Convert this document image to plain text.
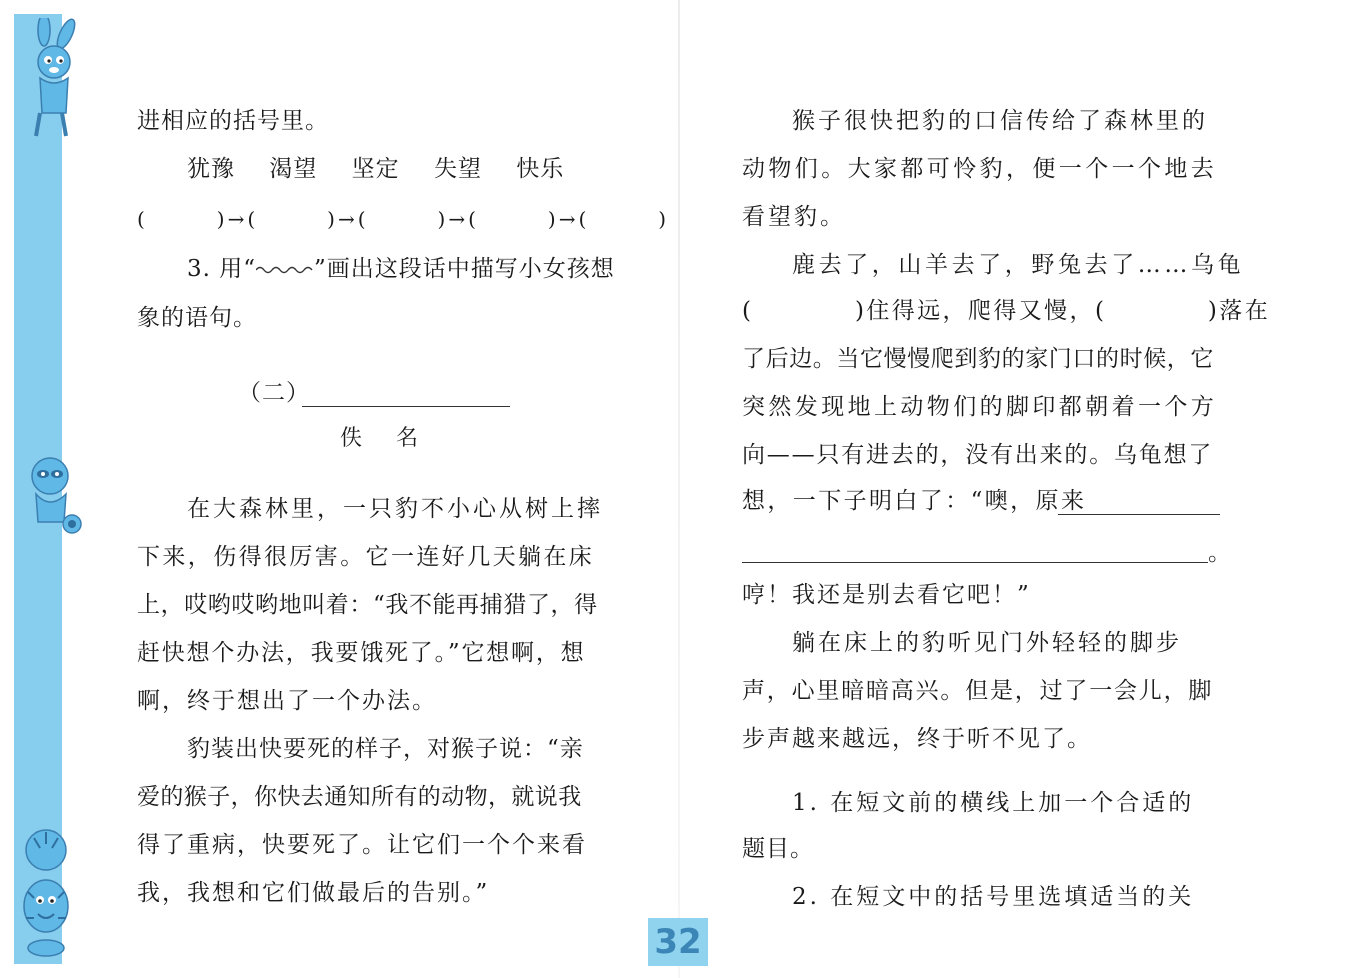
进相应的括号里。
犹豫 渴望 坚定 失望 快乐
(　　　)→(　　　)→(　　　)→(　　　)→(　　　)
3. 用“	”画出这段话中描写小女孩想
象的语句。
（二）
佚　名
在大森林里，一只豹不小心从树上摔
下来，伤得很厉害。它一连好几天躺在床
上，哎哟哎哟地叫着：“我不能再捕猎了，得
赶快想个办法，我要饿死了。”它想啊，想
啊，终于想出了一个办法。
豹装出快要死的样子，对猴子说：“亲
爱的猴子，你快去通知所有的动物，就说我
得了重病，快要死了。让它们一个个来看
我，我想和它们做最后的告别。”
猴子很快把豹的口信传给了森林里的
动物们。大家都可怜豹，便一个一个地去
看望豹。
鹿去了，山羊去了，野兔去了……乌龟
(　　　　)住得远，爬得又慢，(　　　　)落在
了后边。当它慢慢爬到豹的家门口的时候，它
突然发现地上动物们的脚印都朝着一个方
向——只有进去的，没有出来的。乌龟想了
想，一下子明白了：“噢，原来
。
哼！我还是别去看它吧！”
躺在床上的豹听见门外轻轻的脚步
声，心里暗暗高兴。但是，过了一会儿，脚
步声越来越远，终于听不见了。
1. 在短文前的横线上加一个合适的
题目。
2. 在短文中的括号里选填适当的关
32
